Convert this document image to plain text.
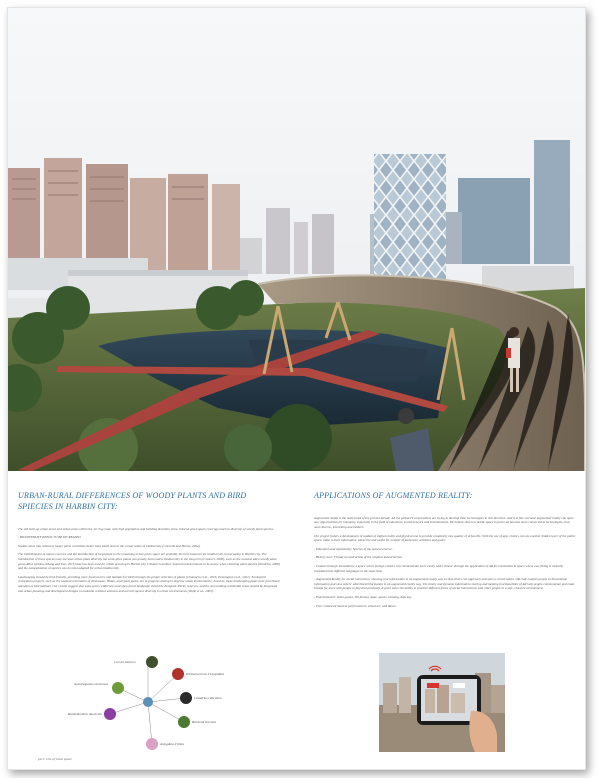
URBAN-RURAL DIFFERENCES OF WOODY PLANTS AND BIRD SPIECIES IN HARBIN CITY:

The old built-up urban areas and urban areas within the 1st ring road, with high population and building densities, show reduced green space coverage and low diversity of woody plant species.

- BIODIVERSITY NEEDS TO BE INCREASED

Studies show that relatively larger parks contribute better than small ones to the conservation of biodiversity (Cornelis and Hermy, 2004).

The establishment of nature reserves and the introduction of local plant to the remaining urban green space are probably the best measures for biodiversity conservation in Harbin city. The introduction of these species may increase urban plant diversity but some alien plants can greatly harm native biodiversity in the long term (Cosineri, 2000), such as the invasive alien woody plant genus Rhus typhina (Zhang and Fan, 2013) that has been used for urban greening in Harbin city. Climate is another important determinant to be aware when choosing plant species (Tomiello, 2008) and the naturalization of species can be most adapted for urban biodiversity.

Landscaping should be bird-friendly, providing more food sources and habitats for birds through the proper selection of plants (Chamorro et al., 2016; Pennington et al., 2011). Ecological restoration projects, such as the wetland restoration of Jinshawan, Hulan, and Qunli parks, are in progress aiming to improve urban environments; however, these landscaping plans have prioritized attention to bird habitats. Our results suggest that some green wilderness and open forest landscape should be designed. Parks, reserves, and the surrounding residential areas should be integrated into urban planning and development designs to maintain resilient wellness and overall species diversity in urban environments (Wolfe et al., 2005).

APPLICATIONS OF AUGMENTED REALITY:

Augmented reality is the main trend of the present decade. All the global IT corporations are trying to develop their technologies in this direction. And it is fine, because augmented reality can open new opportunities for humanity, especially in the field of education, social network and entertainment. We believe that new public space in park can become more connected to technologies, thus more diverse, interesting and modern.

Our project fosters a development of tandem of digital reality and physical one to provide completely new quality of urban life. With the use of app, visitors can see another hidden layer of the public space, make it more informative, attractive and useful for number of particular activities and goals:

- Education and sightseeing: Species of the natural reserve.

- History tour: Virtual reconstruction of the original industrial site.

- Contact through Translation: a space where foreign visitors can communicate more easily with Chinese through the application of AR for translation in space where everything is virtually translated into different languages at the same time.

- Augmented Reality for social interaction: showing real information in an augmented reality way so that others can approach and start a conversation. QR code enables people to disseminate information and view others' advertised information in an augmented reality way. The timely and dynamic information sharing and meeting functionalities of AR help people communicate and make friends for more with people in physical proximity. It gives users the ability to practice different forms of social interactions with other people in a safe, risk-free environment.

- Entertainment: video games, 3D fantasy maze, sports, training, dancing.

- Tree: enhanced musical performances, visual art, and dance.

Cornus tatarica
Parthenocissus tricuspidata
Acanthopanax senticosus
Caladrius ribicolum
Rhododendron dauricum
Ribomua koreana
Amygdala triloba
pic1: Use of local space
